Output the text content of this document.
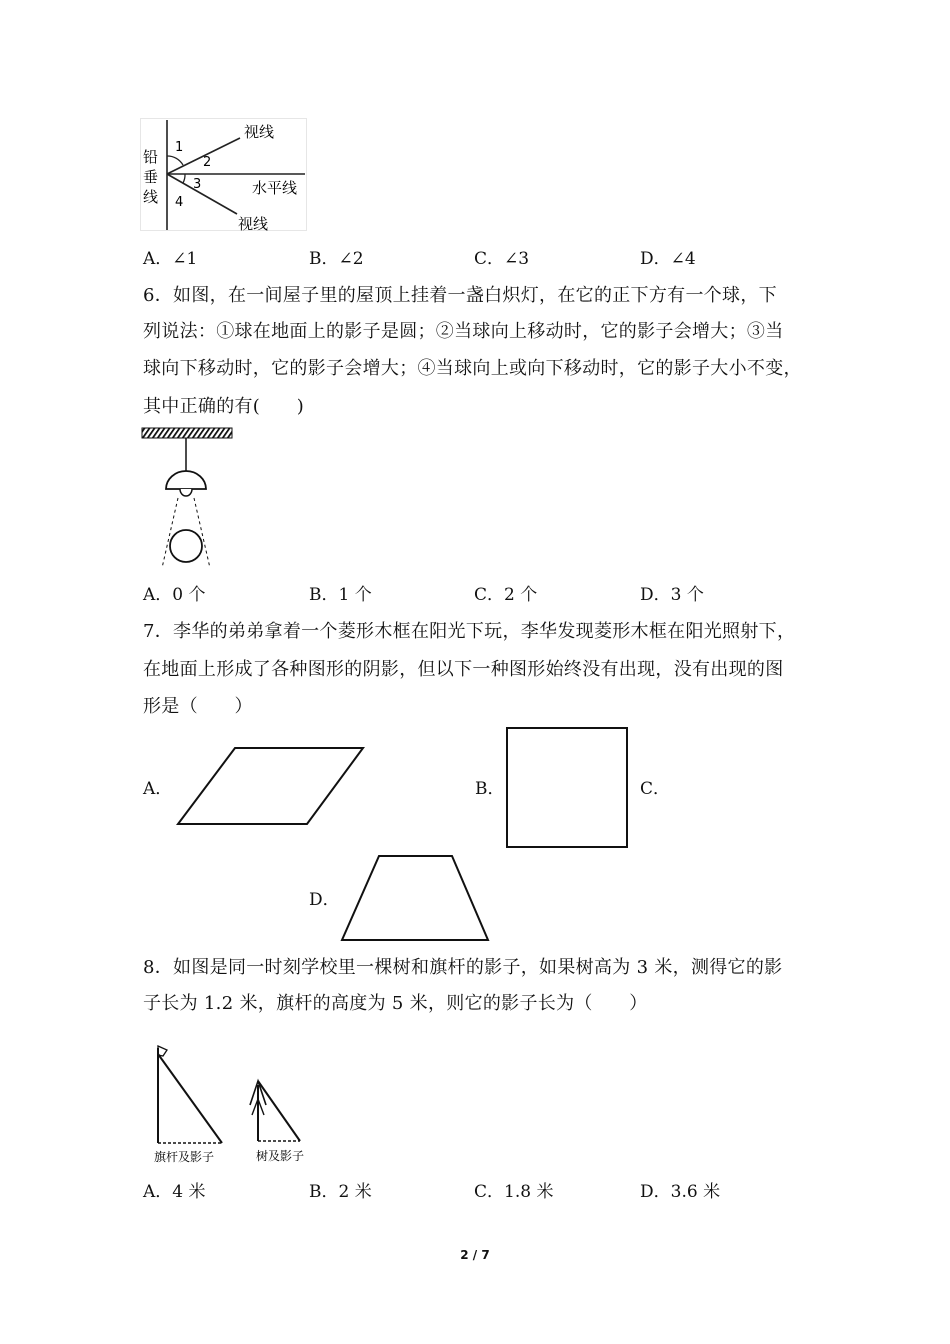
铅
垂
线
视线
水平线
视线
1
2
3
4
A．∠1	B．∠2	C．∠3	D．∠4
6．如图，在一间屋子里的屋顶上挂着一盏白炽灯，在它的正下方有一个球，下
列说法：①球在地面上的影子是圆；②当球向上移动时，它的影子会增大；③当
球向下移动时，它的影子会增大；④当球向上或向下移动时，它的影子大小不变，
其中正确的有(　　)
A．0 个	B．1 个	C．2 个	D．3 个
7．李华的弟弟拿着一个菱形木框在阳光下玩，李华发现菱形木框在阳光照射下，
在地面上形成了各种图形的阴影，但以下一种图形始终没有出现，没有出现的图
形是（　　）
A．	B．	C．
D．
8．如图是同一时刻学校里一棵树和旗杆的影子，如果树高为 3 米，测得它的影
子长为 1.2 米，旗杆的高度为 5 米，则它的影子长为（　　）
旗杆及影子	树及影子
A．4 米	B．2 米	C．1.8 米	D．3.6 米
2 / 7
